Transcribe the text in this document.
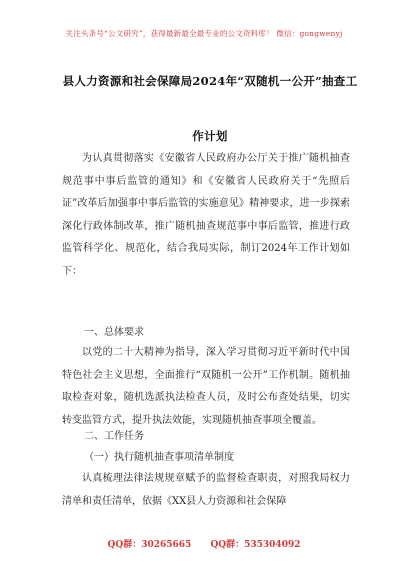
关注头条号“公文研究”，获得最新最全最专业的公文资料库！ 微信：gongwenyj
县人力资源和社会保障局2024年“双随机一公开”抽查工
作计划
为认真贯彻落实《安徽省人民政府办公厅关于推广随机抽查规范事中事后监管的通知》和《安徽省人民政府关于“先照后证”改革后加强事中事后监管的实施意见》精神要求，进一步探索深化行政体制改革，推广随机抽查规范事中事后监管，推进行政监管科学化、规范化，结合我局实际，制订2024年工作计划如下：
一、总体要求
以党的二十大精神为指导，深入学习贯彻习近平新时代中国特色社会主义思想，全面推行“双随机一公开”工作机制。随机抽取检查对象，随机选派执法检查人员，及时公布查处结果，切实转变监管方式，提升执法效能，实现随机抽查事项全覆盖。
二、工作任务
（一）执行随机抽查事项清单制度
认真梳理法律法规规章赋予的监督检查职责，对照我局权力清单和责任清单，依据《XX县人力资源和社会保障
QQ群：30265665 QQ群：535304092
